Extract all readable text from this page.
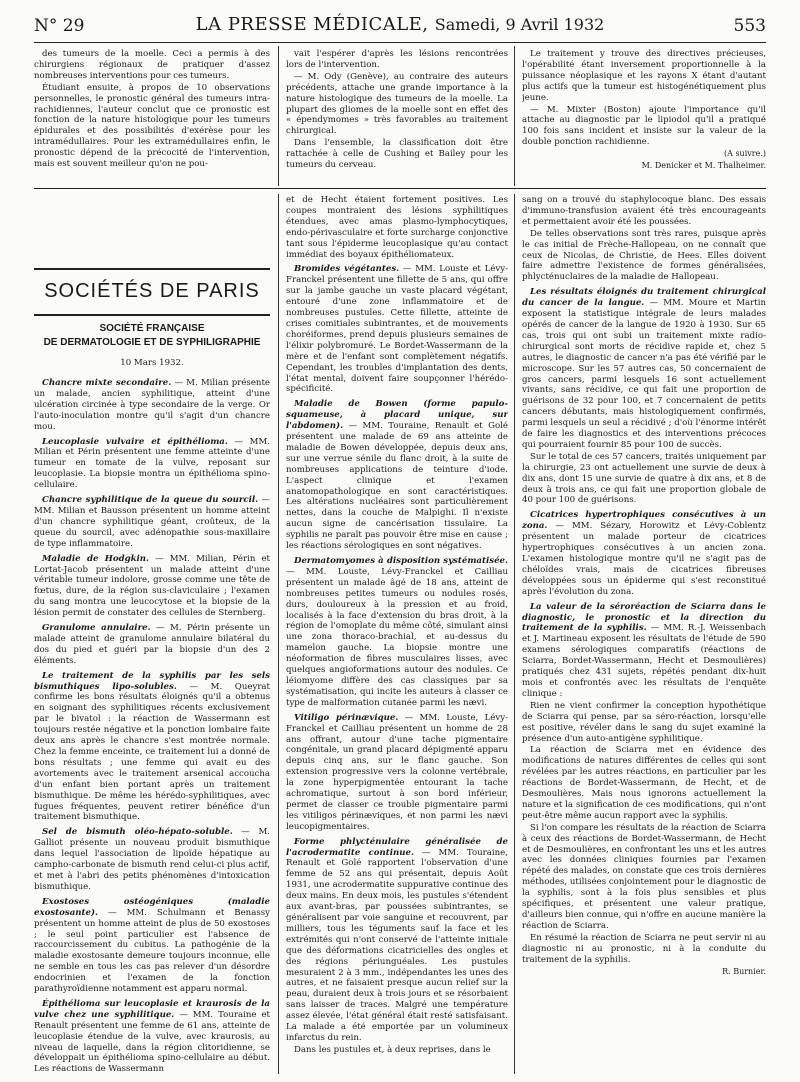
N° 29	LA PRESSE MÉDICALE, Samedi, 9 Avril 1932	553

des tumeurs de la moelle. Ceci a permis à des chirurgiens régionaux de pratiquer d'assez nombreuses interventions pour ces tumeurs.

Étudiant ensuite, à propos de 10 observations personnelles, le pronostic général des tumeurs intra-rachidiennes, l'auteur conclut que ce pronostic est fonction de la nature histologique pour les tumeurs épidurales et des possibilités d'exérèse pour les intramédullaires. Pour les extramédullaires enfin, le pronostic dépend de la précocité de l'intervention, mais est souvent meilleur qu'on ne pou-

vait l'espérer d'après les lésions rencontrées lors de l'intervention.

— M. Ody (Genève), au contraire des auteurs précédents, attache une grande importance à la nature histologique des tumeurs de la moelle. La plupart des gliomes de la moelle sont en effet des « épendymomes » très favorables au traitement chirurgical.

Dans l'ensemble, la classification doit être rattachée à celle de Cushing et Bailey pour les tumeurs du cerveau.

Le traitement y trouve des directives précieuses, l'opérabilité étant inversement proportionnelle à la puissance néoplasique et les rayons X étant d'autant plus actifs que la tumeur est histogénétiquement plus jeune.

— M. Mixter (Boston) ajoute l'importance qu'il attache au diagnostic par le lipiodol qu'il a pratiqué 100 fois sans incident et insiste sur la valeur de la double ponction rachidienne.

(A suivre.)

M. Denicker et M. Thalheimer.

SOCIÉTÉS DE PARIS
SOCIÉTÉ FRANÇAISE
DE DERMATOLOGIE ET DE SYPHILIGRAPHIE
10 Mars 1932.

Chancre mixte secondaire. — M. Milian présente un malade, ancien syphilitique, atteint d'une ulcération circinée à type secondaire de la verge. Or l'auto-inoculation montre qu'il s'agit d'un chancre mou.

Leucoplasie vulvaire et épithélioma. — MM. Milian et Périn présentent une femme atteinte d'une tumeur en tomate de la vulve, reposant sur leucoplasie. La biopsie montra un épithélioma spino-cellulaire.

Chancre syphilitique de la queue du sourcil. — MM. Milian et Bausson présentent un homme atteint d'un chancre syphilitique géant, croûteux, de la queue du sourcil, avec adénopathie sous-maxillaire de type inflammatoire.

Maladie de Hodgkin. — MM. Milian, Périn et Lortat-Jacob présentent un malade atteint d'une véritable tumeur indolore, grosse comme une tête de fœtus, dure, de la région sus-claviculaire ; l'examen du sang montra une leucocytose et la biopsie de la lésion permit de constater des cellules de Sternberg.

Granulome annulaire. — M. Périn présente un malade atteint de granulome annulaire bilatéral du dos du pied et guéri par la biopsie d'un des 2 éléments.

Le traitement de la syphilis par les sels bismuthiques lipo-solubles. — M. Queyrat confirme les bons résultats éloignés qu'il a obtenus en soignant des syphilitiques récents exclusivement par le bivatol : la réaction de Wassermann est toujours restée négative et la ponction lombaire faite deux ans après le chancre s'est montrée normale. Chez la femme enceinte, ce traitement lui a donné de bons résultats ; une femme qui avait eu des avortements avec le traitement arsenical accoucha d'un enfant bien portant après un traitement bismuthique. De même les hérédo-syphilitiques, avec fugues fréquentes, peuvent retirer bénéfice d'un traitement bismuthique.

Sel de bismuth oléo-hépato-soluble. — M. Galliot présente un nouveau produit bismuthique dans lequel l'association de lipoïde hépatique au campho-carbonate de bismuth rend celui-ci plus actif, et met à l'abri des petits phénomènes d'intoxication bismuthique.

Exostoses ostéogéniques (maladie exostosante). — MM. Schulmann et Benassy présentent un homme atteint de plus de 50 exostoses ; le seul point particulier est l'absence de raccourcissement du cubitus. La pathogénie de la maladie exostosante demeure toujours inconnue, elle ne semble en tous les cas pas relever d'un désordre endocrinien et l'examen de la fonction parathyroïdienne notamment est apparu normal.

Épithélioma sur leucoplasie et kraurosis de la vulve chez une syphilitique. — MM. Touraine et Renault présentent une femme de 61 ans, atteinte de leucoplasie étendue de la vulve, avec kraurosis, au niveau de laquelle, dans la région clitoridienne, se développait un épithélioma spino-cellulaire au début. Les réactions de Wassermann

et de Hecht étaient fortement positives. Les coupes montraient des lésions syphilitiques étendues, avec amas plasmo-lymphocytiques, endo-périvasculaire et forte surcharge conjonctive tant sous l'épiderme leucoplasique qu'au contact immédiat des boyaux épithéliomateux.

Bromides végétantes. — MM. Louste et Lévy-Franckel présentent une fillette de 5 ans, qui offre sur la jambe gauche un vaste placard végétant, entouré d'une zone inflammatoire et de nombreuses pustules. Cette fillette, atteinte de crises comitiales subintrantes, et de mouvements choréiformes, prend depuis plusieurs semaines de l'élixir polybromuré. Le Bordet-Wassermann de la mère et de l'enfant sont complètement négatifs. Cependant, les troubles d'implantation des dents, l'état mental, doivent faire soupçonner l'hérédo-spécificité.

Maladie de Bowen (forme papulo-squameuse, à placard unique, sur l'abdomen). — MM. Touraine, Renault et Golé présentent une malade de 69 ans atteinte de maladie de Bowen développée, depuis deux ans, sur une verrue sénile du flanc droit, à la suite de nombreuses applications de teinture d'iode. L'aspect clinique et l'examen anatomopathologique en sont caractéristiques. Les altérations nucléaires sont particulièrement nettes, dans la couche de Malpighi. Il n'existe aucun signe de cancérisation tissulaire. La syphilis ne paraît pas pouvoir être mise en cause ; les réactions sérologiques en sont négatives.

Dermatomyomes à disposition systématisée. — MM. Louste, Lévy-Franckel et Cailliau présentent un malade âgé de 18 ans, atteint de nombreuses petites tumeurs ou nodules rosés, durs, douloureux à la pression et au froid, localisés à la face d'extension du bras droit, à la région de l'omoplate du même côté, simulant ainsi une zona thoraco-brachial, et au-dessus du mamelon gauche. La biopsie montre une néoformation de fibres musculaires lisses, avec quelques angioformations autour des nodules. Ce léiomyome diffère des cas classiques par sa systématisation, qui incite les auteurs à classer ce type de malformation cutanée parmi les nævi.

Vitiligo périnævique. — MM. Louste, Lévy-Franckel et Cailliau présentent un homme de 28 ans offrant, autour d'une tache pigmentaire congénitale, un grand placard dépigmenté apparu depuis cinq ans, sur le flanc gauche. Son extension progressive vers la colonne vertébrale, la zone hyperpigmentée entourant la tache achromatique, surtout à son bord inférieur, permet de classer ce trouble pigmentaire parmi les vitiligos périnæviques, et non parmi les nævi leucopigmentaires.

Forme phlycténulaire généralisée de l'acrodermatite continue. — MM. Touraine, Renault et Golé rapportent l'observation d'une femme de 52 ans qui présentait, depuis Août 1931, une acrodermatite suppurative continue des deux mains. En deux mois, les pustules s'étendent aux avant-bras, par poussées subintrantes, se généralisent par voie sanguine et recouvrent, par milliers, tous les téguments sauf la face et les extrémités qui n'ont conservé de l'atteinte initiale que des déformations cicatricielles des ongles et des régions périunguéales. Les pustules mesuraient 2 à 3 mm., indépendantes les unes des autres, et ne faisaient presque aucun relief sur la peau, duraient deux à trois jours et se résorbaient sans laisser de traces. Malgré une température assez élevée, l'état général était resté satisfaisant. La malade a été emportée par un volumineux infarctus du rein.

Dans les pustules et, à deux reprises, dans le

sang on a trouvé du staphylocoque blanc. Des essais d'immuno-transfusion avaient été très encourageants et permettaient avoir été les poussées.

De telles observations sont très rares, puisque après le cas initial de Frèche-Hallopeau, on ne connaît que ceux de Nicolas, de Christie, de Hees. Elles doivent faire admettre l'existence de formes généralisées, phlycténuclaires de la maladie de Hallopeau.

Les résultats éloignés du traitement chirurgical du cancer de la langue. — MM. Moure et Martin exposent la statistique intégrale de leurs malades opérés de cancer de la langue de 1920 à 1930. Sur 65 cas, trois qui ont subi un traitement mixte radio-chirurgical sont morts de récidive rapide et, chez 5 autres, le diagnostic de cancer n'a pas été vérifié par le microscope. Sur les 57 autres cas, 50 concernaient de gros cancers, parmi lesquels 16 sont actuellement vivants, sans récidive, ce qui fait une proportion de guérisons de 32 pour 100, et 7 concernaient de petits cancers débutants, mais histologiquement confirmés, parmi lesquels un seul a récidivé ; d'où l'énorme intérêt de faire les diagnostics et des interventions précoces qui pourraient fournir 85 pour 100 de succès.

Sur le total de ces 57 cancers, traités uniquement par la chirurgie, 23 ont actuellement une survie de deux à dix ans, dont 15 une survie de quatre à dix ans, et 8 de deux à trois ans, ce qui fait une proportion globale de 40 pour 100 de guérisons.

Cicatrices hypertrophiques consécutives à un zona. — MM. Sézary, Horowitz et Lévy-Coblentz présentent un malade porteur de cicatrices hypertrophiques consécutives à un ancien zona. L'examen histologique montre qu'il ne s'agit pas de chéloïdes vrais, mais de cicatrices fibreuses développées sous un épiderme qui s'est reconstitué après l'évolution du zona.

La valeur de la séroréaction de Sciarra dans le diagnostic, le pronostic et la direction du traitement de la syphilis. — MM. R.-J. Weissenbach et J. Martineau exposent les résultats de l'étude de 590 examens sérologiques comparatifs (réactions de Sciarra, Bordet-Wassermann, Hecht et Desmoulières) pratiqués chez 431 sujets, répétés pendant dix-huit mois et confrontés avec les résultats de l'enquête clinique :

Rien ne vient confirmer la conception hypothétique de Sciarra qui pense, par sa séro-réaction, lorsqu'elle est positive, révéler dans le sang du sujet examiné la présence d'un auto-antigène syphilitique.

La réaction de Sciarra met en évidence des modifications de natures différentes de celles qui sont révélées par les autres réactions, en particulier par les réactions de Bordet-Wassermann, de Hecht, et de Desmoulières. Mais nous ignorons actuellement la nature et la signification de ces modifications, qui n'ont peut-être même aucun rapport avec la syphilis.

Si l'on compare les résultats de la réaction de Sciarra à ceux des réactions de Bordet-Wassermann, de Hecht et de Desmoulières, en confrontant les uns et les autres avec les données cliniques fournies par l'examen répété des malades, on constate que ces trois dernières méthodes, utilisées conjointement pour le diagnostic de la syphilis, sont à la fois plus sensibles et plus spécifiques, et présentent une valeur pratique, d'ailleurs bien connue, qui n'offre en aucune manière la réaction de Sciarra.

En résumé la réaction de Sciarra ne peut servir ni au diagnostic ni au pronostic, ni à la conduite du traitement de la syphilis.

R. Burnier.
